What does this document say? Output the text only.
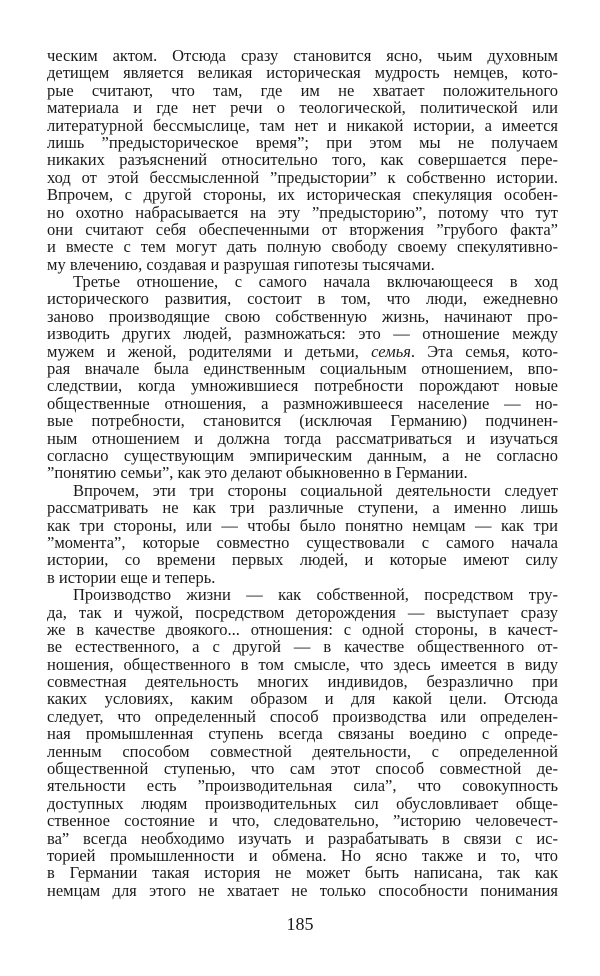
ческим актом. Отсюда сразу становится ясно, чьим духовным
детищем является великая историческая мудрость немцев, кото-
рые считают, что там, где им не хватает положительного
материала и где нет речи о теологической, политической или
литературной бессмыслице, там нет и никакой истории, а имеется
лишь ”предысторическое время”; при этом мы не получаем
никаких разъяснений относительно того, как совершается пере-
ход от этой бессмысленной ”предыстории” к собственно истории.
Впрочем, с другой стороны, их историческая спекуляция особен-
но охотно набрасывается на эту ”предысторию”, потому что тут
они считают себя обеспеченными от вторжения ”грубого факта”
и вместе с тем могут дать полную свободу своему спекулятивно-
му влечению, создавая и разрушая гипотезы тысячами.
Третье отношение, с самого начала включающееся в ход
исторического развития, состоит в том, что люди, ежедневно
заново производящие свою собственную жизнь, начинают про-
изводить других людей, размножаться: это — отношение между
мужем и женой, родителями и детьми, семья. Эта семья, кото-
рая вначале была единственным социальным отношением, впо-
следствии, когда умножившиеся потребности порождают новые
общественные отношения, а размножившееся население — но-
вые потребности, становится (исключая Германию) подчинен-
ным отношением и должна тогда рассматриваться и изучаться
согласно существующим эмпирическим данным, а не согласно
”понятию семьи”, как это делают обыкновенно в Германии.
Впрочем, эти три стороны социальной деятельности следует
рассматривать не как три различные ступени, а именно лишь
как три стороны, или — чтобы было понятно немцам — как три
”момента”, которые совместно существовали с самого начала
истории, со времени первых людей, и которые имеют силу
в истории еще и теперь.
Производство жизни — как собственной, посредством тру-
да, так и чужой, посредством деторождения — выступает сразу
же в качестве двоякого... отношения: с одной стороны, в качест-
ве естественного, а с другой — в качестве общественного от-
ношения, общественного в том смысле, что здесь имеется в виду
совместная деятельность многих индивидов, безразлично при
каких условиях, каким образом и для какой цели. Отсюда
следует, что определенный способ производства или определен-
ная промышленная ступень всегда связаны воедино с опреде-
ленным способом совместной деятельности, с определенной
общественной ступенью, что сам этот способ совместной де-
ятельности есть ”производительная сила”, что совокупность
доступных людям производительных сил обусловливает обще-
ственное состояние и что, следовательно, ”историю человечест-
ва” всегда необходимо изучать и разрабатывать в связи с ис-
торией промышленности и обмена. Но ясно также и то, что
в Германии такая история не может быть написана, так как
немцам для этого не хватает не только способности понимания
185
